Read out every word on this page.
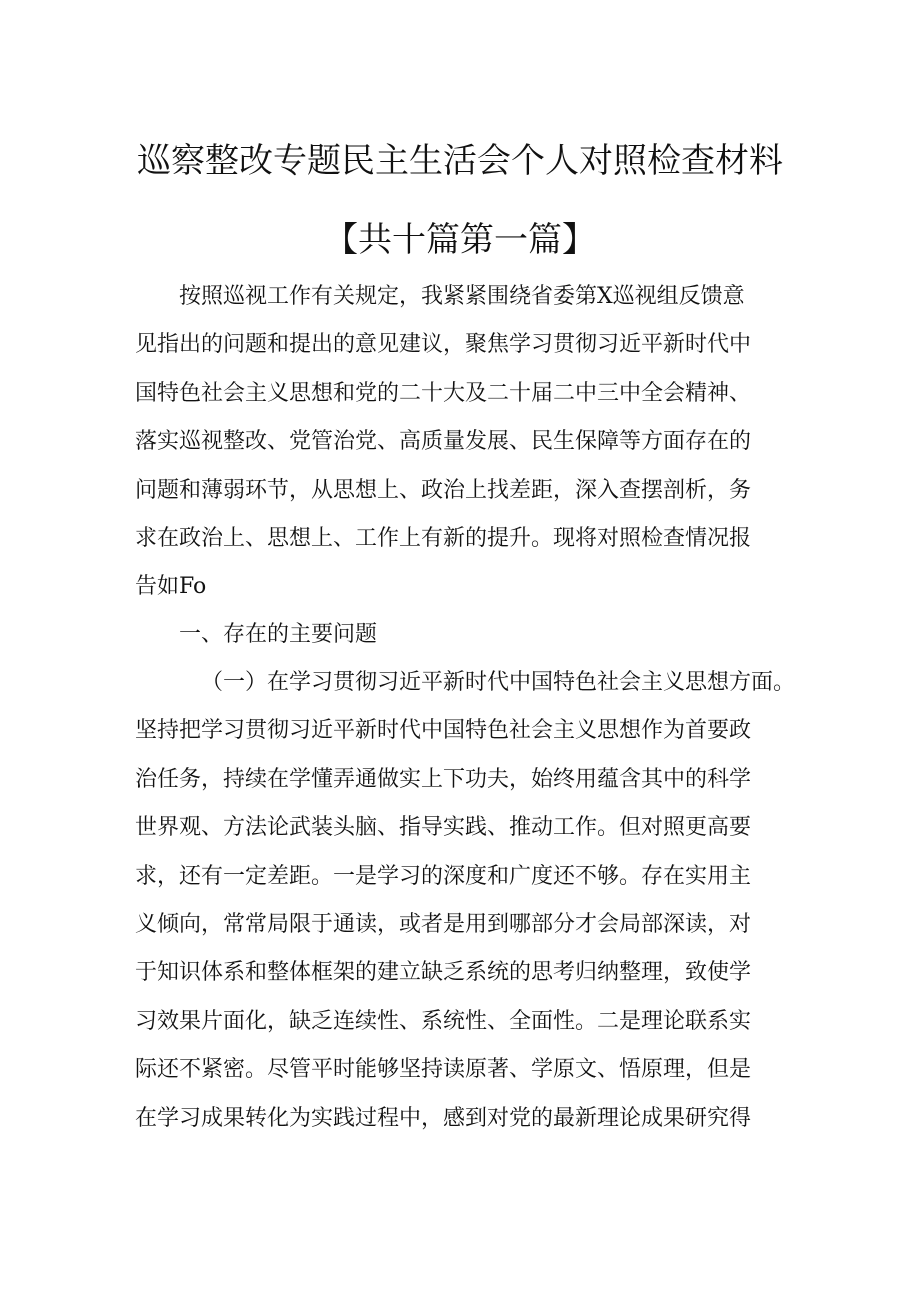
巡察整改专题民主生活会个人对照检查材料
【共十篇第一篇】
按照巡视工作有关规定，我紧紧围绕省委第X巡视组反馈意
见指出的问题和提出的意见建议，聚焦学习贯彻习近平新时代中
国特色社会主义思想和党的二十大及二十届二中三中全会精神、
落实巡视整改、党管治党、高质量发展、民生保障等方面存在的
问题和薄弱环节，从思想上、政治上找差距，深入查摆剖析，务
求在政治上、思想上、工作上有新的提升。现将对照检查情况报
告如Fo
一、存在的主要问题
（一）在学习贯彻习近平新时代中国特色社会主义思想方面。
坚持把学习贯彻习近平新时代中国特色社会主义思想作为首要政
治任务，持续在学懂弄通做实上下功夫，始终用蕴含其中的科学
世界观、方法论武装头脑、指导实践、推动工作。但对照更高要
求，还有一定差距。一是学习的深度和广度还不够。存在实用主
义倾向，常常局限于通读，或者是用到哪部分才会局部深读，对
于知识体系和整体框架的建立缺乏系统的思考归纳整理，致使学
习效果片面化，缺乏连续性、系统性、全面性。二是理论联系实
际还不紧密。尽管平时能够坚持读原著、学原文、悟原理，但是
在学习成果转化为实践过程中，感到对党的最新理论成果研究得
